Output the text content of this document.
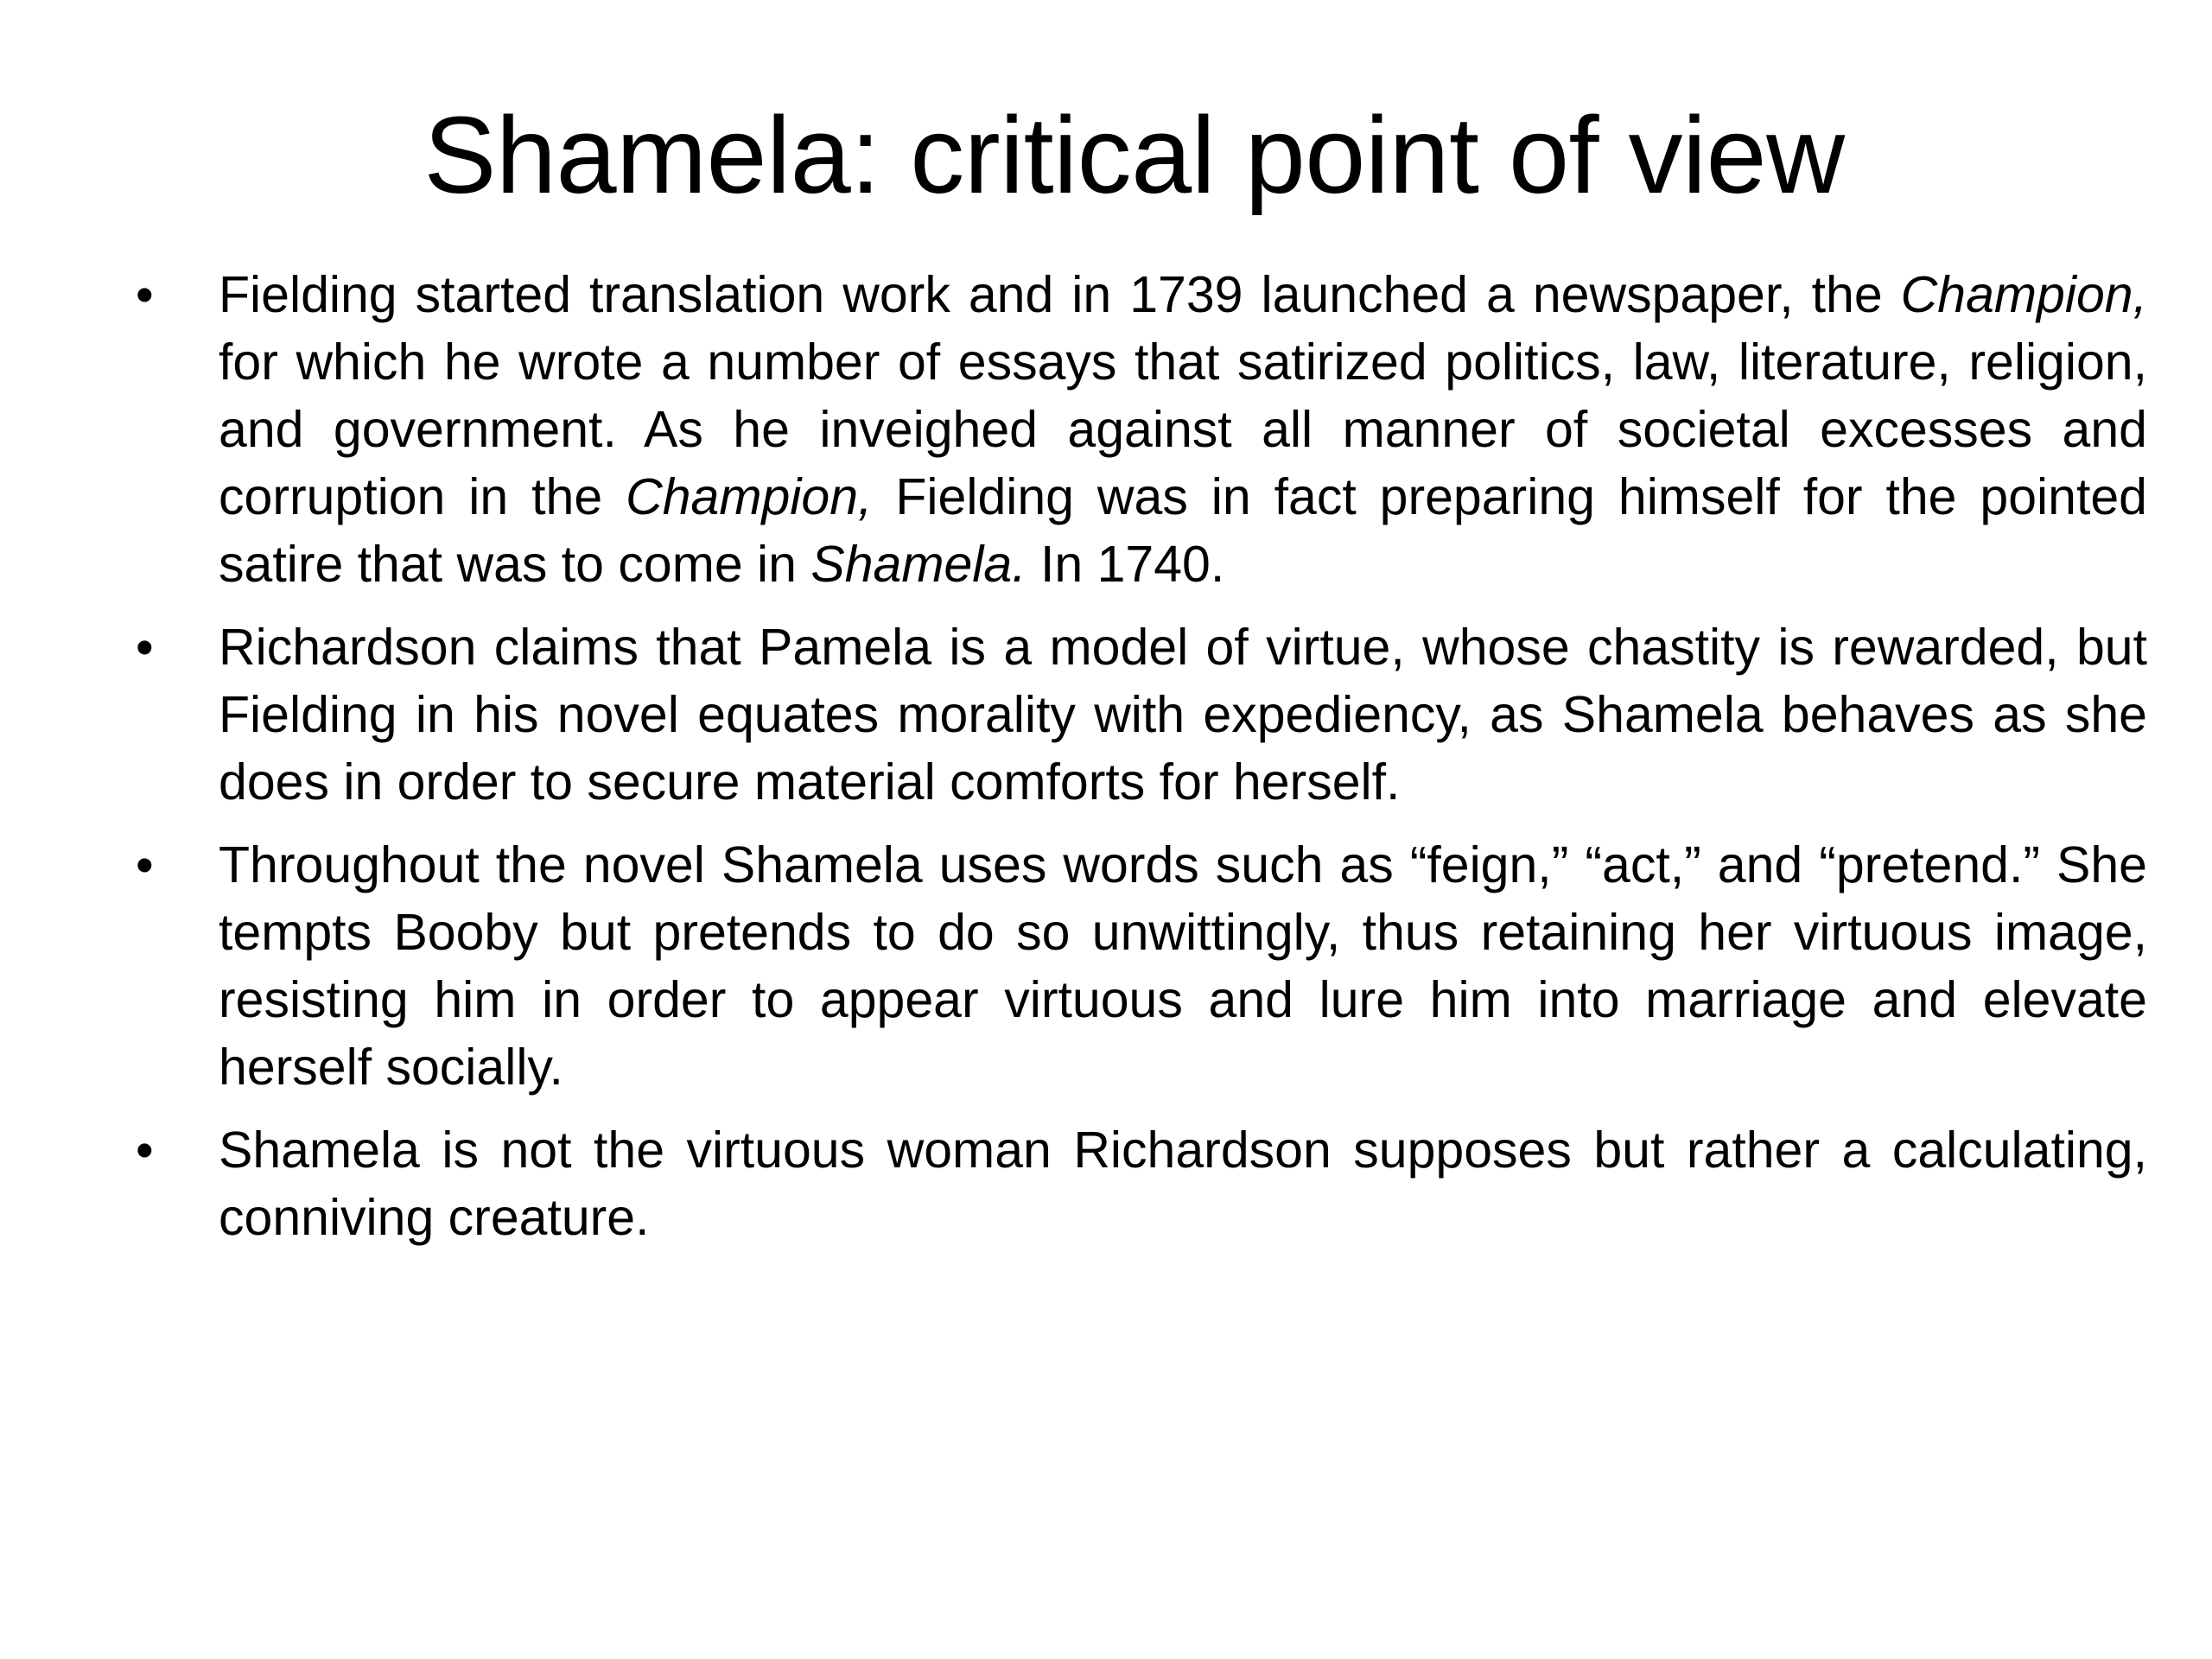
Shamela: critical point of view
• Fielding started translation work and in 1739 launched a newspaper, the Champion, for which he wrote a number of essays that satirized politics, law, literature, religion, and government. As he inveighed against all manner of societal excesses and corruption in the Champion, Fielding was in fact preparing himself for the pointed satire that was to come in Shamela. In 1740.
• Richardson claims that Pamela is a model of virtue, whose chastity is rewarded, but Fielding in his novel equates morality with expediency, as Shamela behaves as she does in order to secure material comforts for herself.
• Throughout the novel Shamela uses words such as “feign,” “act,” and “pretend.” She tempts Booby but pretends to do so unwittingly, thus retaining her virtuous image, resisting him in order to appear virtuous and lure him into marriage and elevate herself socially.
• Shamela is not the virtuous woman Richardson supposes but rather a calculating, conniving creature.
